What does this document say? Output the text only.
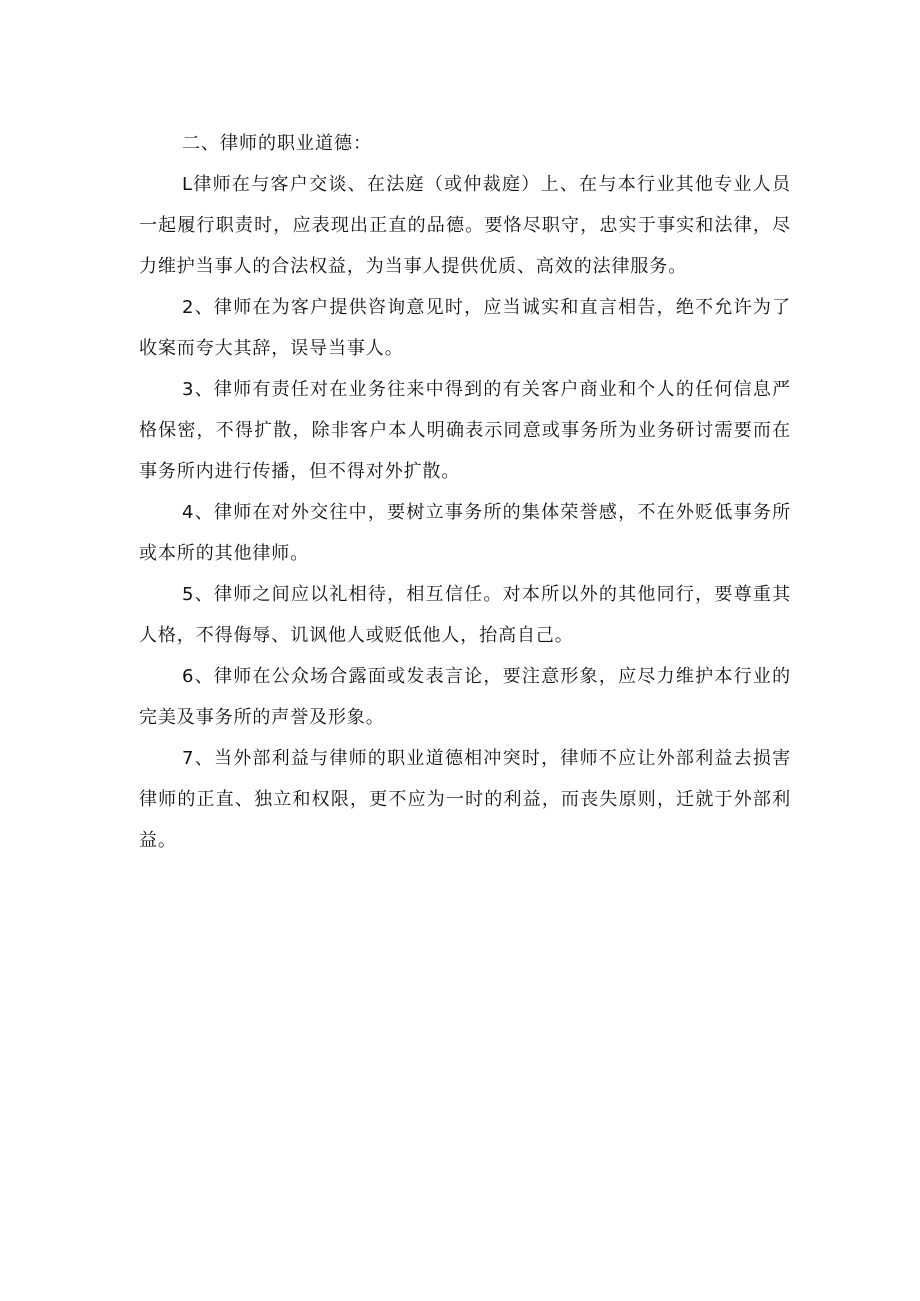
二、律师的职业道德：

L律师在与客户交谈、在法庭（或仲裁庭）上、在与本行业其他专业人员一起履行职责时，应表现出正直的品德。要恪尽职守，忠实于事实和法律，尽力维护当事人的合法权益，为当事人提供优质、高效的法律服务。

2、律师在为客户提供咨询意见时，应当诚实和直言相告，绝不允许为了收案而夸大其辞，误导当事人。

3、律师有责任对在业务往来中得到的有关客户商业和个人的任何信息严格保密，不得扩散，除非客户本人明确表示同意或事务所为业务研讨需要而在事务所内进行传播，但不得对外扩散。

4、律师在对外交往中，要树立事务所的集体荣誉感，不在外贬低事务所或本所的其他律师。

5、律师之间应以礼相待，相互信任。对本所以外的其他同行，要尊重其人格，不得侮辱、讥讽他人或贬低他人，抬高自己。

6、律师在公众场合露面或发表言论，要注意形象，应尽力维护本行业的完美及事务所的声誉及形象。

7、当外部利益与律师的职业道德相冲突时，律师不应让外部利益去损害律师的正直、独立和权限，更不应为一时的利益，而丧失原则，迁就于外部利益。
